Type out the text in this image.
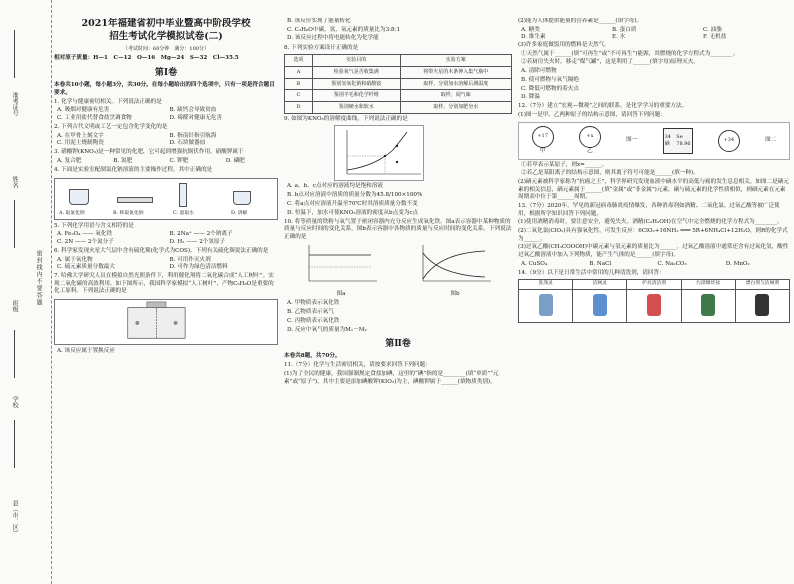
准考证号
姓名
班级
学校
县（市、区）
密封线内不要答题
2021年福建省初中毕业暨高中阶段学校
招生考试化学模拟试卷(二)
（考试时间：60分钟　满分：100分）

相对原子质量：H—1　C—12　O—16　Mg—24　S—32　Cl—35.5

第Ⅰ卷

本卷共10小题，每小题3分，共30分。在每小题给出的四个选项中，只有一项是符合题目要求。

1. 化学与健康密切相关。下列说法正确的是

A. 吸烟对健康有危害	B. 缺钙会导致贫血
C. 工业用盐代替食盐烹调食物	D. 霉醛对健康无危害

2. 下列古代文明或工艺一定包含化学变化的是

A. 在甲骨上刻文字	B. 指南针指引航海
C. 用泥土烧制陶瓷	D. 石块做器皿

3. 硝酸钾(KNO₃)是一种常见的化肥，它可起到增强抗倒伏作用。硝酸钾属于

A. 复合肥	B. 氮肥	C. 钾肥	D. 磷肥

4. 下面是实验室配制氯化钠溶液的主要操作过程，其中正确的是

A. 取氯化钠	B. 称取氯化钠	C. 量取水	D. 溶解

5. 下列化学用语与含义相符的是

A. Fe₃O₄ —— 氧化铁	B. 2Na⁺ —— 2个钠离子
C. 2N —— 2个氮分子	D. H₂ —— 2个氢原子

6. 科学家发现火星大气层中含有硫化羰(化学式为COS)。下列有关硫化羰说法正确的是

A. 属于氧化物	B. 可用作灭火剂
C. 硫元素质量分数最大	D. 可作为绿色清洁燃料

7. 哈佛大学研究人员在模拟自然光照条件下，利用催化剂将二氧化碳合成“人工树叶”。实现二氧化碳的高效利用。如下图所示，我国科学家模拟“人工树叶”，产物C₃H₈O是重要的化工原料。下列说法正确的是

A. 该反应属于置换反应

B. 该反应实现了能量转化

C. C₃H₈O中碳、氢、氧元素的质量比为3:8:1

D. 该反应过程中将电能转化为化学能

8. 下列实验方案设计正确的是

选项	实验目的	实验方案
A	检验氧气是否收集满	将带火星的木条伸入集气瓶中
B	鉴别氢氧化钠和硝酸铵	取样，分别加水溶解后测温度
C	鉴别羊毛和化学纤维	取样，闻气味
D	鉴别硬水和软水	取样，分别加肥皂水

9. 如图为KNO₃的溶解度曲线。下列说法正确的是

A. a、b、c点对应的溶液均是饱和溶液

B. b点对应溶液中溶质的质量分数为45.8/100×100%

C. 将a点对应溶液升温至70℃时其溶质质量分数不变

D. 恒温下，加水可使KNO₃溶液的密度从b点变为c点

10. 将等质量的铁粉与氧气置于密闭容器内充分反应生成氧化铁。图a表示容器中某种物质的质量与反应时间的变化关系，图b表示容器中各物质的质量与反应时间的变化关系。下列说法正确的是

图a	图b

A. 甲物质表示氧化铁

B. 乙物质表示氧气

C. 丙物质表示氧化铁

D. 反应中氧气的质量为M₁－M₂

第Ⅱ卷

本卷共8题，共70分。

11.（7分）化学与生活密切相关，请按要求回答下列问题：

(1)为了全民的健康，我国强制规定食盐加碘，这里的“碘”指的是________(填“单质”“元素”或“原子”)，其中主要是添加碘酸钾(KIO₃)为主，碘酸钾属于______(填物质类别)。

(2)能为人体提供能量的营养素是______(填字母)。

A. 糖类	B. 蛋白质	C. 油脂
D. 维生素	E. 水	F. 无机盐

(3)许多家庭做饭用的燃料是天然气。

①天然气属于______(填“可再生”或“不可再生”)能源，其燃烧的化学方程式为________。

②若厨房失火时，移走“煤气罐”，这是利用了______(填字母)原理灭火。

A. 清除可燃物

B. 使可燃物与氧气隔绝

C. 降低可燃物的着火点

D. 降温

12.（7分）建立“宏观—微观”之间的联系，是化学学习的重要方法。

(1)图一是甲、乙两种原子的结构示意图，请回答下列问题：

+17
甲
+x
乙
图一	34	Se
硒	78.96
+34	图二

①若甲表示某原子，则x=______。

②若乙是某阳离子的结构示意图，则其离子符号可能是______(填一种)。

(2)硒元素被科学家称为“抗癌之王”，科学界研究发现血液中硒水平的高低与癌的发生息息相关。如图二是硒元素的相关信息，硒元素属于______(填“金属”或“非金属”)元素，硒与硫元素的化学性质相似，则硒元素在元素周期表中位于第______周期。

13.（7分）2020年，罕见的新冠病毒肺炎疫情爆发，各种消毒剂如酒精、二氧化氯、过氧乙酸等被广泛使用，根据所学知识回答下列问题。

(1)使用酒精消毒时，要注意安全，避免失火。酒精(C₂H₅OH)在空气中完全燃烧的化学方程式为________。

(2)二氧化氯(ClO₂)具有强氧化性，可发生反应：6ClO₂+16NH₃ ═══ 5R+6NH₄Cl+12H₂O，则R的化学式为______。

(3)过氧乙酸(CH₃COOOH)中碳元素与氢元素的质量比为______。过氧乙酸溶液中通常还含有过氧化氢，酸性过氧乙酸溶液中加入下列物质，能产生气体的是______(填字母)。

A. CuSO₄	B. NaCl	C. Na₂CO₃	D. MnO₂

14.（9分）以下是日常生活中常用的几种清洗剂，请回答：

洗涤灵	洁厕灵	炉具清洁剂	污渍爆炸盐	漂白剂与洁厕剂
